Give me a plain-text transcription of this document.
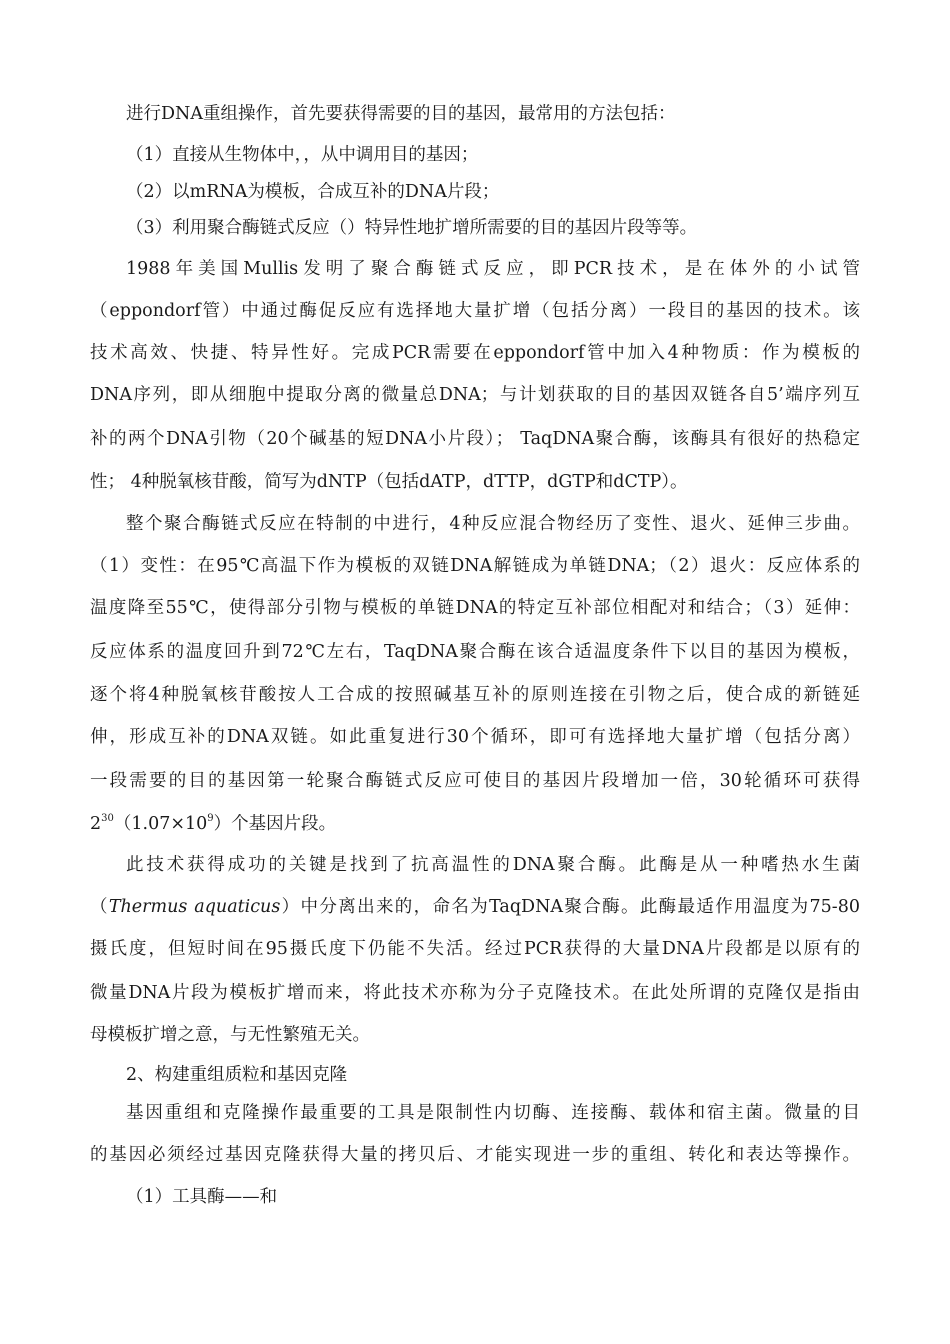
进行DNA重组操作，首先要获得需要的目的基因，最常用的方法包括：
（1）直接从生物体中，，从中调用目的基因；
（2）以mRNA为模板，合成互补的DNA片段；
（3）利用聚合酶链式反应（）特异性地扩增所需要的目的基因片段等等。
1988年美国Mullis发明了聚合酶链式反应，即PCR技术，是在体外的小试管
（eppondorf管）中通过酶促反应有选择地大量扩增（包括分离）一段目的基因的技术。该
技术高效、快捷、特异性好。完成PCR需要在eppondorf管中加入4种物质：作为模板的
DNA序列，即从细胞中提取分离的微量总DNA；与计划获取的目的基因双链各自5’端序列互
补的两个DNA引物（20个碱基的短DNA小片段）； TaqDNA聚合酶，该酶具有很好的热稳定
性； 4种脱氧核苷酸，简写为dNTP（包括dATP，dTTP，dGTP和dCTP）。
整个聚合酶链式反应在特制的中进行，4种反应混合物经历了变性、退火、延伸三步曲。
（1）变性：在95℃高温下作为模板的双链DNA解链成为单链DNA；（2）退火：反应体系的
温度降至55℃，使得部分引物与模板的单链DNA的特定互补部位相配对和结合；（3）延伸：
反应体系的温度回升到72℃左右，TaqDNA聚合酶在该合适温度条件下以目的基因为模板，
逐个将4种脱氧核苷酸按人工合成的按照碱基互补的原则连接在引物之后，使合成的新链延
伸，形成互补的DNA双链。如此重复进行30个循环，即可有选择地大量扩增（包括分离）
一段需要的目的基因第一轮聚合酶链式反应可使目的基因片段增加一倍，30轮循环可获得
$2^{30}(1.07\times 10^9)$个基因片段。
此技术获得成功的关键是找到了抗高温性的DNA聚合酶。此酶是从一种嗜热水生菌
（Thermus aquaticus）中分离出来的，命名为TaqDNA聚合酶。此酶最适作用温度为75-80
摄氏度，但短时间在95摄氏度下仍能不失活。经过PCR获得的大量DNA片段都是以原有的
微量DNA片段为模板扩增而来，将此技术亦称为分子克隆技术。在此处所谓的克隆仅是指由
母模板扩增之意，与无性繁殖无关。
2、构建重组质粒和基因克隆
基因重组和克隆操作最重要的工具是限制性内切酶、连接酶、载体和宿主菌。微量的目
的基因必须经过基因克隆获得大量的拷贝后、才能实现进一步的重组、转化和表达等操作。
（1）工具酶——和
